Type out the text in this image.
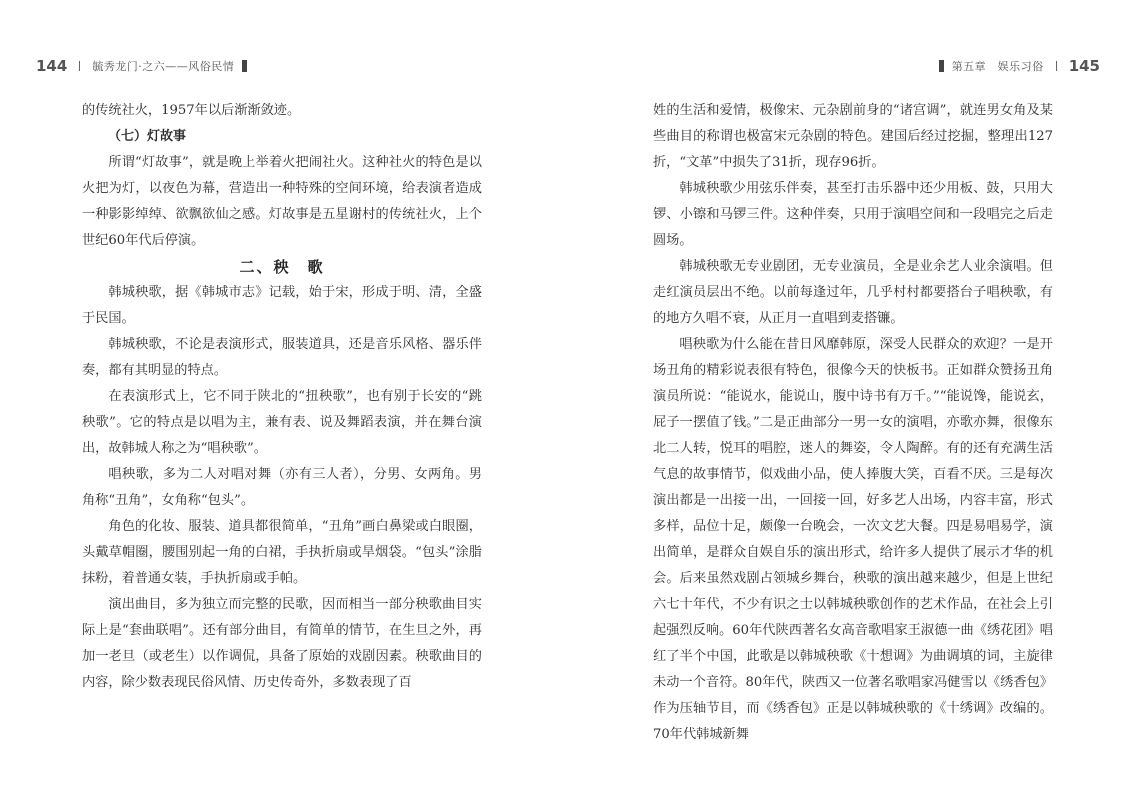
144 毓秀龙门·之六——风俗民情	第五章　娱乐习俗 145

的传统社火，1957年以后渐渐敛迹。

（七）灯故事

所谓“灯故事”，就是晚上举着火把闹社火。这种社火的特色是以火把为灯，以夜色为幕，营造出一种特殊的空间环境，给表演者造成一种影影绰绰、欲飘欲仙之感。灯故事是五星谢村的传统社火，上个世纪60年代后停演。

二、秧　歌

韩城秧歌，据《韩城市志》记载，始于宋，形成于明、清，全盛于民国。

韩城秧歌，不论是表演形式，服装道具，还是音乐风格、器乐伴奏，都有其明显的特点。

在表演形式上，它不同于陕北的“扭秧歌”，也有别于长安的“跳秧歌”。它的特点是以唱为主，兼有表、说及舞蹈表演，并在舞台演出，故韩城人称之为“唱秧歌”。

唱秧歌，多为二人对唱对舞（亦有三人者），分男、女两角。男角称“丑角”，女角称“包头”。

角色的化妆、服装、道具都很简单，“丑角”画白鼻梁或白眼圈，头戴草帽圈，腰围别起一角的白裙，手执折扇或旱烟袋。“包头”涂脂抹粉，着普通女装，手执折扇或手帕。

演出曲目，多为独立而完整的民歌，因而相当一部分秧歌曲目实际上是“套曲联唱”。还有部分曲目，有简单的情节，在生旦之外，再加一老旦（或老生）以作调侃，具备了原始的戏剧因素。秧歌曲目的内容，除少数表现民俗风情、历史传奇外，多数表现了百

姓的生活和爱情，极像宋、元杂剧前身的“诸宫调”，就连男女角及某些曲目的称谓也极富宋元杂剧的特色。建国后经过挖掘，整理出127折，“文革”中损失了31折，现存96折。

韩城秧歌少用弦乐伴奏，甚至打击乐器中还少用板、鼓，只用大锣、小镲和马锣三件。这种伴奏，只用于演唱空间和一段唱完之后走圆场。

韩城秧歌无专业剧团，无专业演员，全是业余艺人业余演唱。但走红演员层出不绝。以前每逢过年，几乎村村都要搭台子唱秧歌，有的地方久唱不衰，从正月一直唱到麦搭镰。

唱秧歌为什么能在昔日风靡韩原，深受人民群众的欢迎？一是开场丑角的精彩说表很有特色，很像今天的快板书。正如群众赞扬丑角演员所说：“能说水，能说山，腹中诗书有万千。”“能说馋，能说玄，屁子一摆值了钱。”二是正曲部分一男一女的演唱，亦歌亦舞，很像东北二人转，悦耳的唱腔，迷人的舞姿，令人陶醉。有的还有充满生活气息的故事情节，似戏曲小品，使人捧腹大笑，百看不厌。三是每次演出都是一出接一出，一回接一回，好多艺人出场，内容丰富，形式多样，品位十足，颇像一台晚会，一次文艺大餐。四是易唱易学，演出简单，是群众自娱自乐的演出形式，给许多人提供了展示才华的机会。后来虽然戏剧占领城乡舞台，秧歌的演出越来越少，但是上世纪六七十年代，不少有识之士以韩城秧歌创作的艺术作品，在社会上引起强烈反响。60年代陕西著名女高音歌唱家王淑德一曲《绣花团》唱红了半个中国，此歌是以韩城秧歌《十想调》为曲调填的词，主旋律未动一个音符。80年代，陕西又一位著名歌唱家冯健雪以《绣香包》作为压轴节目，而《绣香包》正是以韩城秧歌的《十绣调》改编的。70年代韩城新舞
